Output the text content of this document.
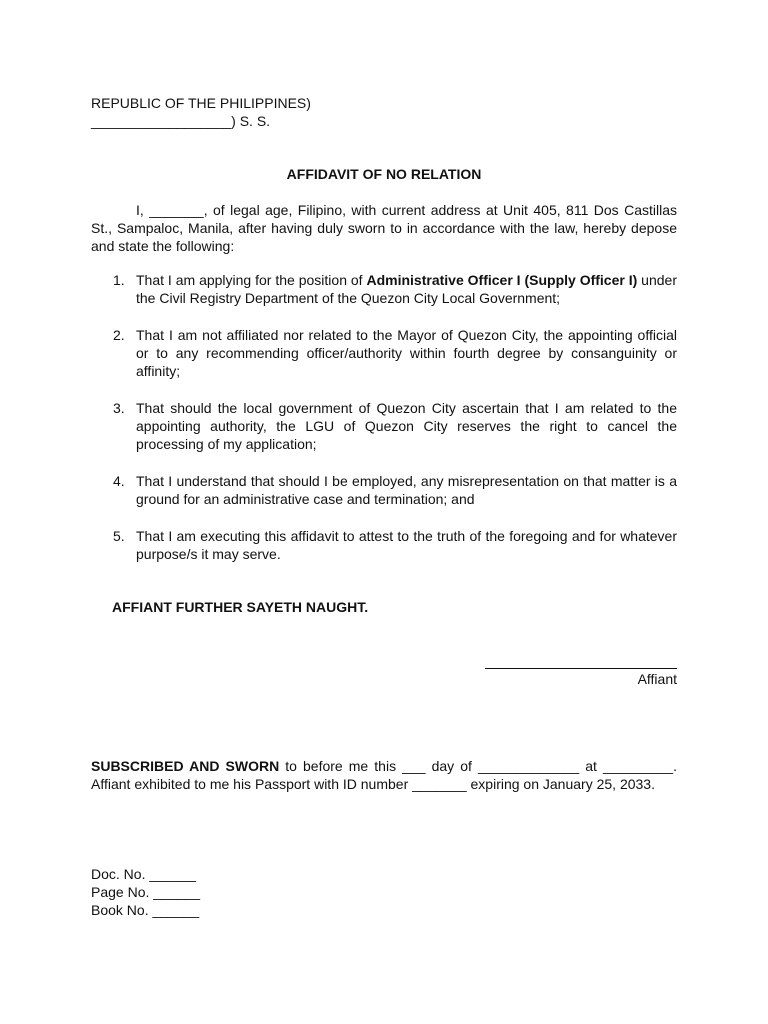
REPUBLIC OF THE PHILIPPINES)
__________________) S. S.
AFFIDAVIT OF NO RELATION

I, _______, of legal age, Filipino, with current address at Unit 405, 811 Dos Castillas St., Sampaloc, Manila, after having duly sworn to in accordance with the law, hereby depose and state the following:

1. That I am applying for the position of Administrative Officer I (Supply Officer I) under the Civil Registry Department of the Quezon City Local Government;
2. That I am not affiliated nor related to the Mayor of Quezon City, the appointing official or to any recommending officer/authority within fourth degree by consanguinity or affinity;
3. That should the local government of Quezon City ascertain that I am related to the appointing authority, the LGU of Quezon City reserves the right to cancel the processing of my application;
4. That I understand that should I be employed, any misrepresentation on that matter is a ground for an administrative case and termination; and
5. That I am executing this affidavit to attest to the truth of the foregoing and for whatever purpose/s it may serve.

AFFIANT FURTHER SAYETH NAUGHT.

Affiant

SUBSCRIBED AND SWORN to before me this ___ day of _____________ at _________. Affiant exhibited to me his Passport with ID number _______ expiring on January 25, 2033.

Doc. No. ______
Page No. ______
Book No. ______
